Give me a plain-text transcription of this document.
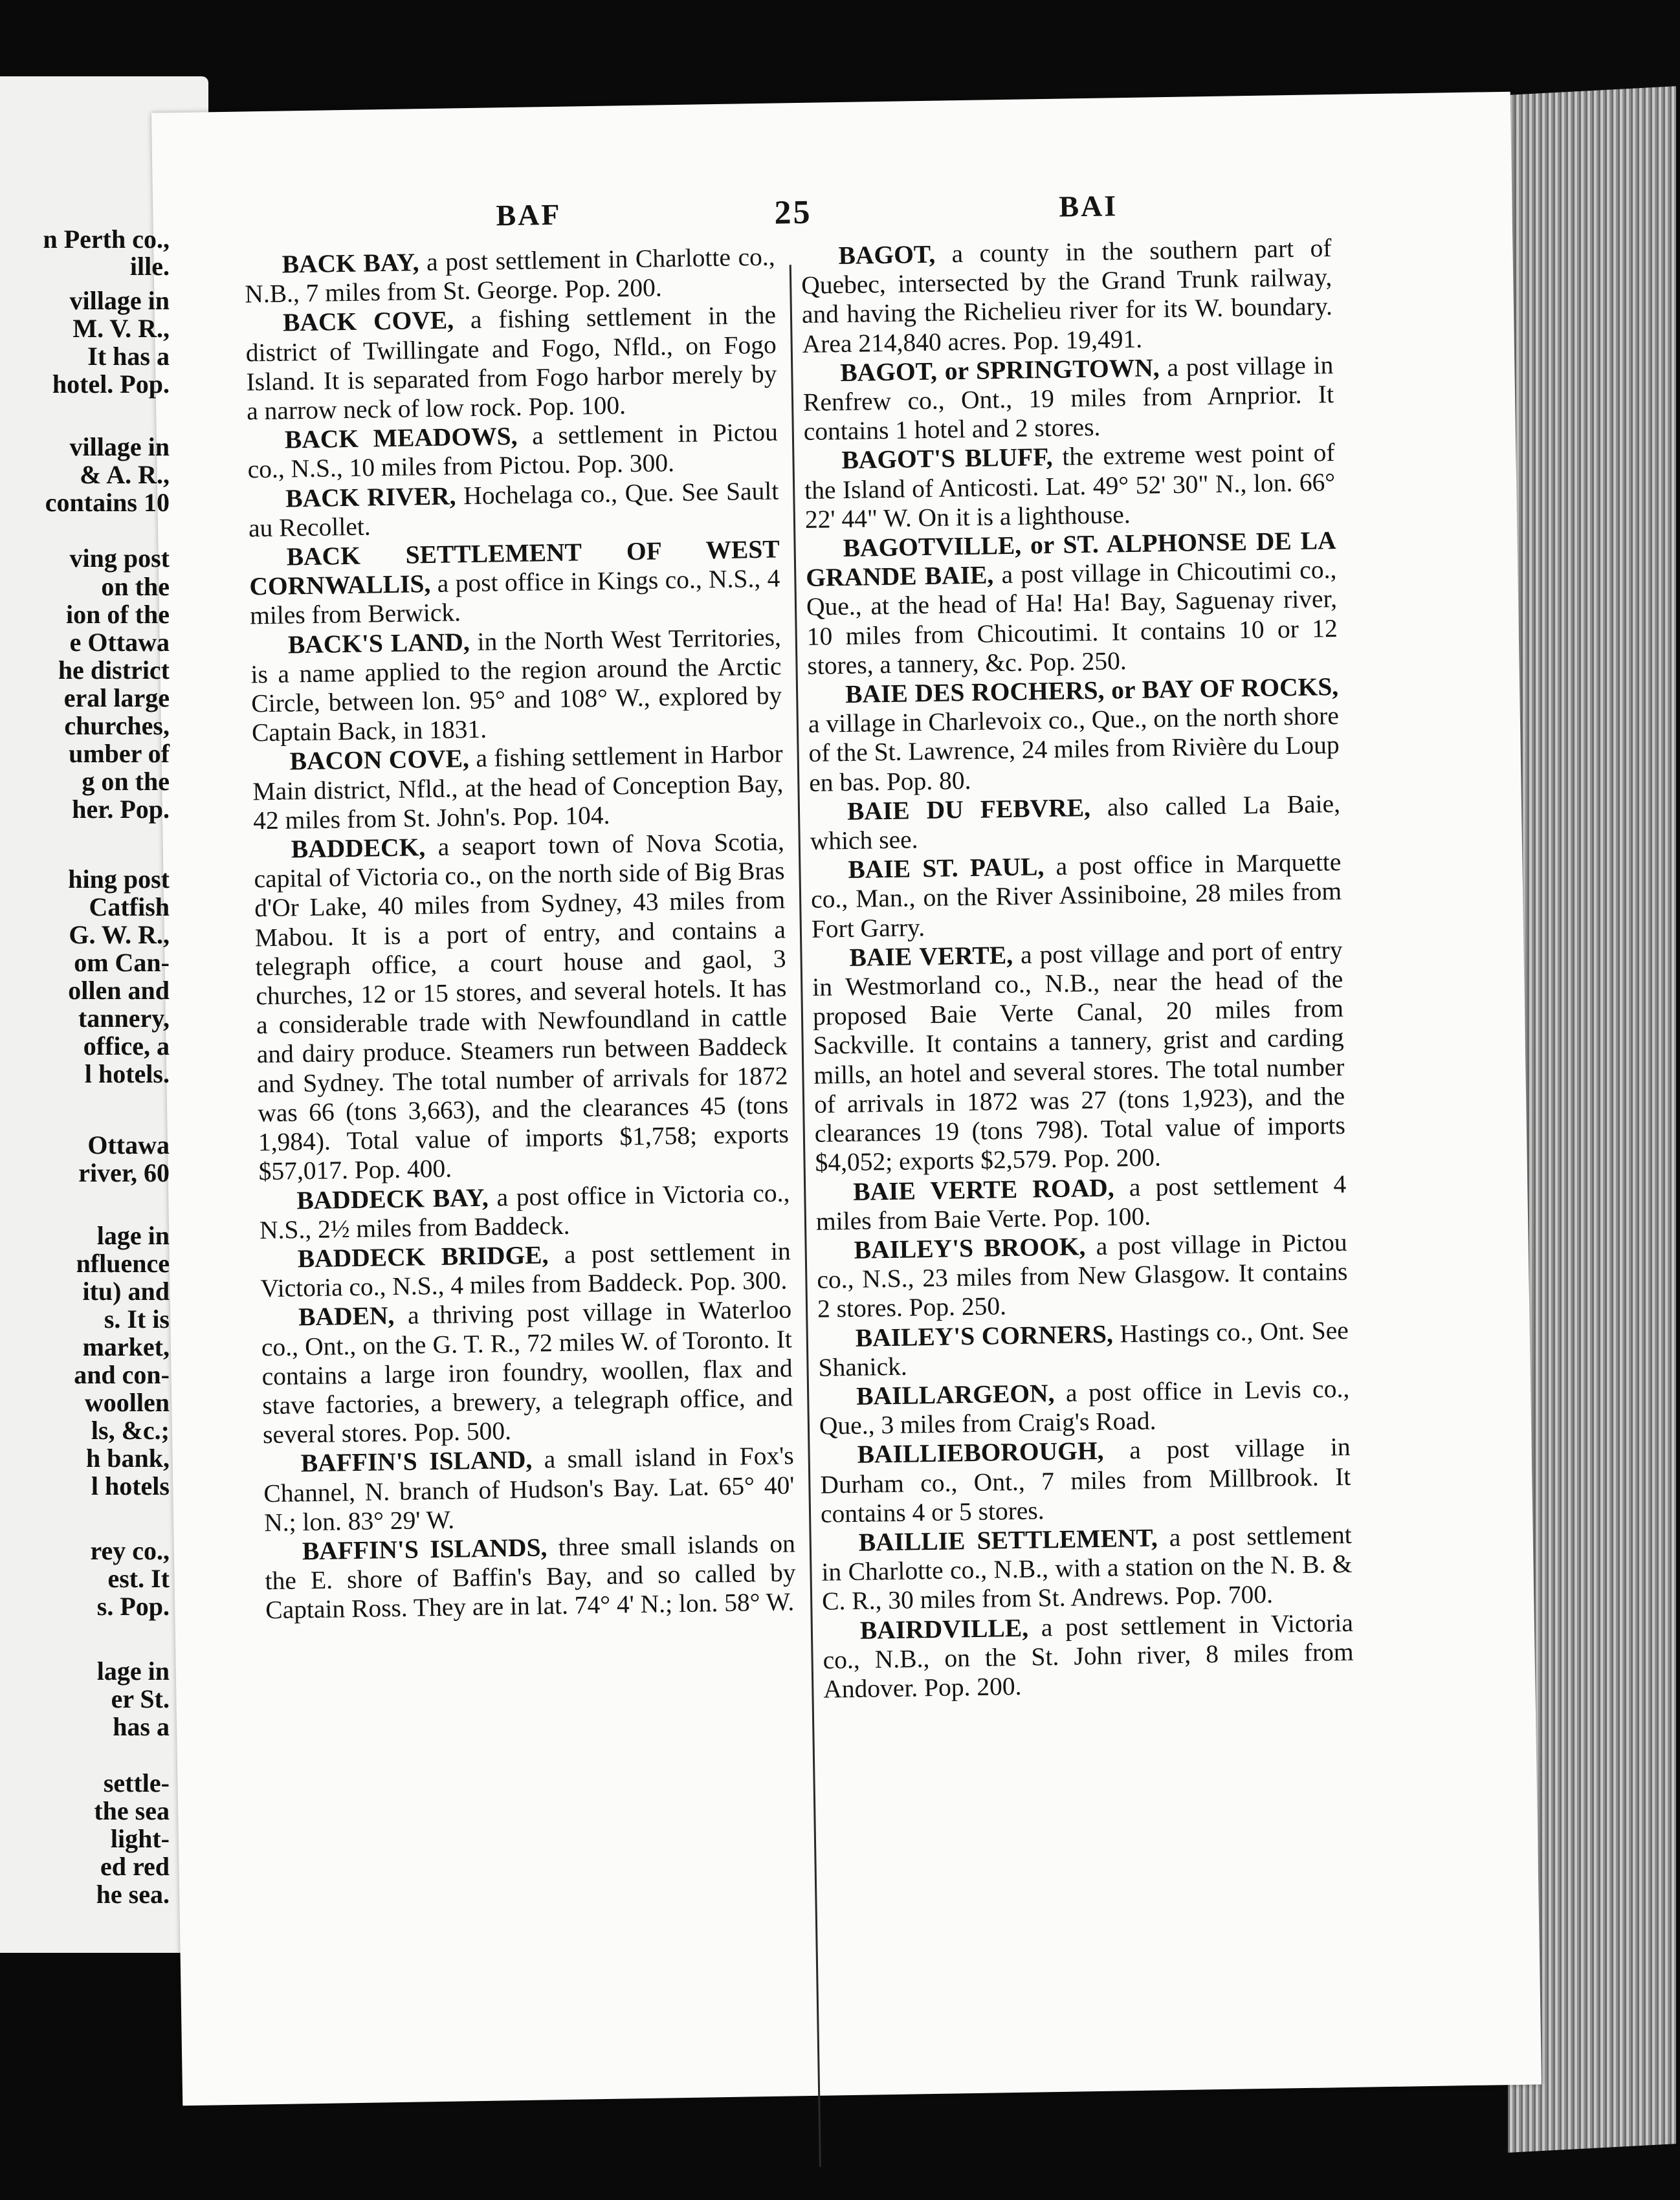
BAF	25	BAI

BACK BAY, a post settlement in Charlotte co., N.B., 7 miles from St. George. Pop. 200.

BACK COVE, a fishing settlement in the district of Twillingate and Fogo, Nfld., on Fogo Island. It is separated from Fogo harbor merely by a narrow neck of low rock. Pop. 100.

BACK MEADOWS, a settlement in Pictou co., N.S., 10 miles from Pictou. Pop. 300.

BACK RIVER, Hochelaga co., Que. See Sault au Recollet.

BACK SETTLEMENT OF WEST CORNWALLIS, a post office in Kings co., N.S., 4 miles from Berwick.

BACK'S LAND, in the North West Territories, is a name applied to the region around the Arctic Circle, between lon. 95° and 108° W., explored by Captain Back, in 1831.

BACON COVE, a fishing settlement in Harbor Main district, Nfld., at the head of Conception Bay, 42 miles from St. John's. Pop. 104.

BADDECK, a seaport town of Nova Scotia, capital of Victoria co., on the north side of Big Bras d'Or Lake, 40 miles from Sydney, 43 miles from Mabou. It is a port of entry, and contains a telegraph office, a court house and gaol, 3 churches, 12 or 15 stores, and several hotels. It has a considerable trade with Newfoundland in cattle and dairy produce. Steamers run between Baddeck and Sydney. The total number of arrivals for 1872 was 66 (tons 3,663), and the clearances 45 (tons 1,984). Total value of imports $1,758; exports $57,017. Pop. 400.

BADDECK BAY, a post office in Victoria co., N.S., 2½ miles from Baddeck.

BADDECK BRIDGE, a post settlement in Victoria co., N.S., 4 miles from Baddeck. Pop. 300.

BADEN, a thriving post village in Waterloo co., Ont., on the G. T. R., 72 miles W. of Toronto. It contains a large iron foundry, woollen, flax and stave factories, a brewery, a telegraph office, and several stores. Pop. 500.

BAFFIN'S ISLAND, a small island in Fox's Channel, N. branch of Hudson's Bay. Lat. 65° 40' N.; lon. 83° 29' W.

BAFFIN'S ISLANDS, three small islands on the E. shore of Baffin's Bay, and so called by Captain Ross. They are in lat. 74° 4' N.; lon. 58° W.

BAGOT, a county in the southern part of Quebec, intersected by the Grand Trunk railway, and having the Richelieu river for its W. boundary. Area 214,840 acres. Pop. 19,491.

BAGOT, or SPRINGTOWN, a post village in Renfrew co., Ont., 19 miles from Arnprior. It contains 1 hotel and 2 stores.

BAGOT'S BLUFF, the extreme west point of the Island of Anticosti. Lat. 49° 52' 30" N., lon. 66° 22' 44" W. On it is a lighthouse.

BAGOTVILLE, or ST. ALPHONSE DE LA GRANDE BAIE, a post village in Chicoutimi co., Que., at the head of Ha! Ha! Bay, Saguenay river, 10 miles from Chicoutimi. It contains 10 or 12 stores, a tannery, &c. Pop. 250.

BAIE DES ROCHERS, or BAY OF ROCKS, a village in Charlevoix co., Que., on the north shore of the St. Lawrence, 24 miles from Rivière du Loup en bas. Pop. 80.

BAIE DU FEBVRE, also called La Baie, which see.

BAIE ST. PAUL, a post office in Marquette co., Man., on the River Assiniboine, 28 miles from Fort Garry.

BAIE VERTE, a post village and port of entry in Westmorland co., N.B., near the head of the proposed Baie Verte Canal, 20 miles from Sackville. It contains a tannery, grist and carding mills, an hotel and several stores. The total number of arrivals in 1872 was 27 (tons 1,923), and the clearances 19 (tons 798). Total value of imports $4,052; exports $2,579. Pop. 200.

BAIE VERTE ROAD, a post settlement 4 miles from Baie Verte. Pop. 100.

BAILEY'S BROOK, a post village in Pictou co., N.S., 23 miles from New Glasgow. It contains 2 stores. Pop. 250.

BAILEY'S CORNERS, Hastings co., Ont. See Shanick.

BAILLARGEON, a post office in Levis co., Que., 3 miles from Craig's Road.

BAILLIEBOROUGH, a post village in Durham co., Ont., 7 miles from Millbrook. It contains 4 or 5 stores.

BAILLIE SETTLEMENT, a post settlement in Charlotte co., N.B., with a station on the N. B. & C. R., 30 miles from St. Andrews. Pop. 700.

BAIRDVILLE, a post settlement in Victoria co., N.B., on the St. John river, 8 miles from Andover. Pop. 200.

n Perth co.,

ille.

village in

M. V. R.,

It has a

hotel. Pop.

village in

& A. R.,

contains 10

ving post

on the

ion of the

e Ottawa

he district

eral large

churches,

umber of

g on the

her. Pop.

hing post

Catfish

G. W. R.,

om Can-

ollen and

tannery,

office, a

l hotels.

Ottawa

river, 60

lage in

nfluence

itu) and

s. It is

market,

and con-

woollen

ls, &c.;

h bank,

l hotels

rey co.,

est. It

s. Pop.

lage in

er St.

has a

settle-

the sea

light-

ed red

he sea.
